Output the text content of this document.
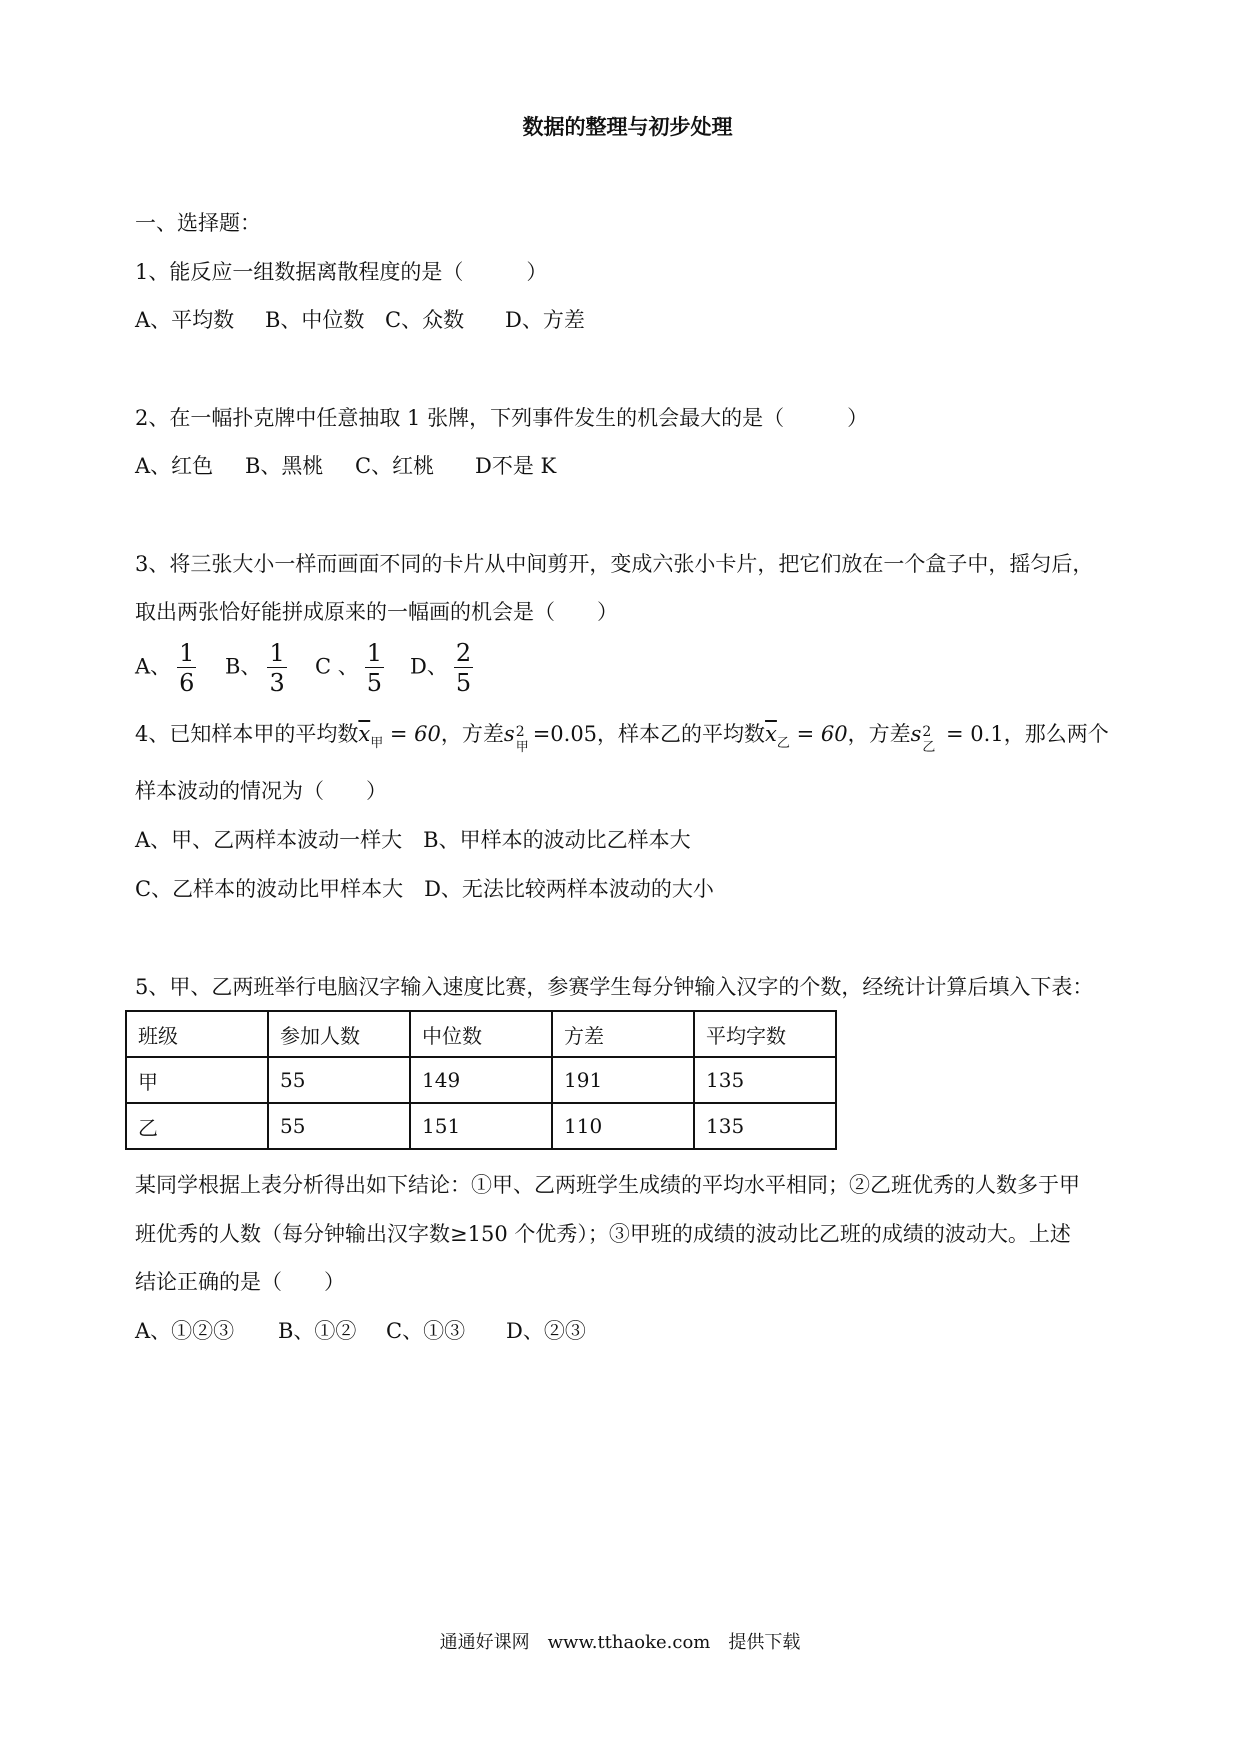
数据的整理与初步处理
一、选择题：
1、能反应一组数据离散程度的是（　　　）
A、平均数 B、中位数 C、众数 D、方差
2、在一幅扑克牌中任意抽取 1 张牌，下列事件发生的机会最大的是（　　　）
A、红色 B、黑桃 C、红桃 D不是 K
3、将三张大小一样而画面不同的卡片从中间剪开，变成六张小卡片，把它们放在一个盒子中，摇匀后，
取出两张恰好能拼成原来的一幅画的机会是（　　）
A、 $\frac{1}{6}$ B、 $\frac{1}{3}$ C 、 $\frac{1}{5}$ D、 $\frac{2}{5}$
4、已知样本甲的平均数$\overline{x}_甲 = 60$，方差s 2
甲
=0.05，样本乙的平均数$\overline{x}_乙 = 60$，方差s 2
乙
= 0.1，那么两个
样本波动的情况为（　　）
A、甲、乙两样本波动一样大　B、甲样本的波动比乙样本大
C、乙样本的波动比甲样本大　D、无法比较两样本波动的大小
5、甲、乙两班举行电脑汉字输入速度比赛，参赛学生每分钟输入汉字的个数，经统计计算后填入下表：
班级	参加人数	中位数	方差	平均字数
甲	55	149	191	135
乙	55	151	110	135
某同学根据上表分析得出如下结论：①甲、乙两班学生成绩的平均水平相同；②乙班优秀的人数多于甲
班优秀的人数（每分钟输出汉字数≥150 个优秀）；③甲班的成绩的波动比乙班的成绩的波动大。上述
结论正确的是（　　）
A、①②③ B、①② C、①③ D、②③
通通好课网　www.tthaoke.com　提供下载
